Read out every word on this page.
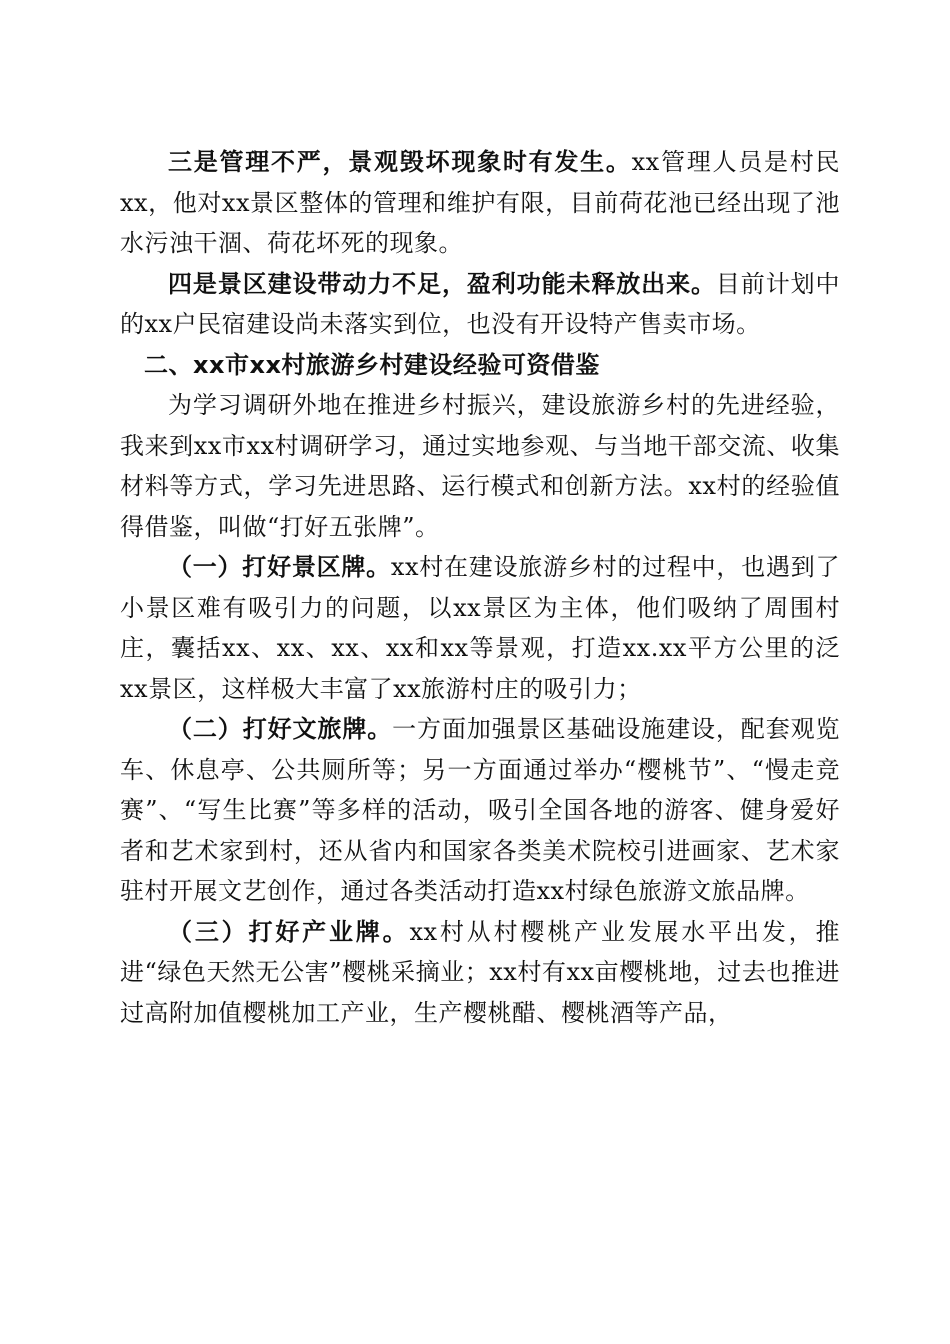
三是管理不严，景观毁坏现象时有发生。xx管理人员是村民xx，他对xx景区整体的管理和维护有限，目前荷花池已经出现了池水污浊干涸、荷花坏死的现象。

四是景区建设带动力不足，盈利功能未释放出来。目前计划中的xx户民宿建设尚未落实到位，也没有开设特产售卖市场。

二、xx市xx村旅游乡村建设经验可资借鉴

为学习调研外地在推进乡村振兴，建设旅游乡村的先进经验，我来到xx市xx村调研学习，通过实地参观、与当地干部交流、收集材料等方式，学习先进思路、运行模式和创新方法。xx村的经验值得借鉴，叫做“打好五张牌”。

（一）打好景区牌。xx村在建设旅游乡村的过程中，也遇到了小景区难有吸引力的问题，以xx景区为主体，他们吸纳了周围村庄，囊括xx、xx、xx、xx和xx等景观，打造xx.xx平方公里的泛xx景区，这样极大丰富了xx旅游村庄的吸引力；

（二）打好文旅牌。一方面加强景区基础设施建设，配套观览车、休息亭、公共厕所等；另一方面通过举办“樱桃节”、“慢走竞赛”、“写生比赛”等多样的活动，吸引全国各地的游客、健身爱好者和艺术家到村，还从省内和国家各类美术院校引进画家、艺术家驻村开展文艺创作，通过各类活动打造xx村绿色旅游文旅品牌。

（三）打好产业牌。xx村从村樱桃产业发展水平出发，推进“绿色天然无公害”樱桃采摘业；xx村有xx亩樱桃地，过去也推进过高附加值樱桃加工产业，生产樱桃醋、樱桃酒等产品，
